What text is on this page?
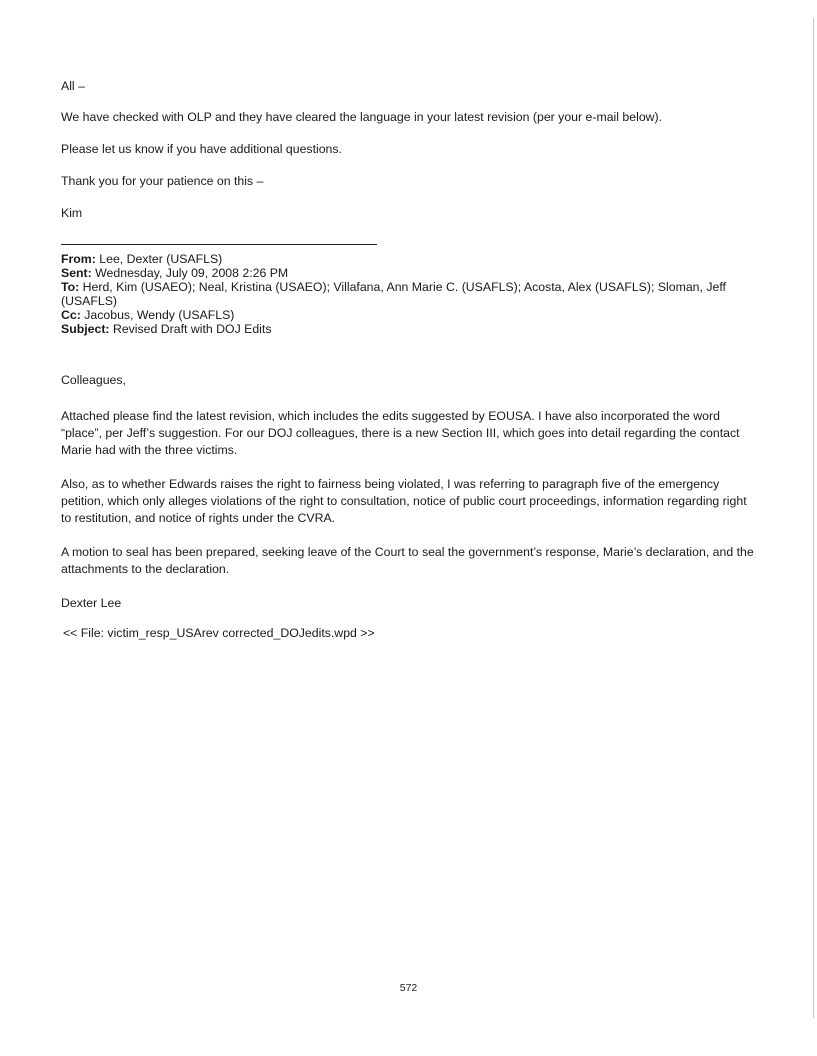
All –

We have checked with OLP and they have cleared the language in your latest revision (per your e-mail below).

Please let us know if you have additional questions.

Thank you for your patience on this –

Kim

From: Lee, Dexter (USAFLS)

Sent: Wednesday, July 09, 2008 2:26 PM

To: Herd, Kim (USAEO); Neal, Kristina (USAEO); Villafana, Ann Marie C. (USAFLS); Acosta, Alex (USAFLS); Sloman, Jeff (USAFLS)

Cc: Jacobus, Wendy (USAFLS)

Subject: Revised Draft with DOJ Edits

Colleagues,

Attached please find the latest revision, which includes the edits suggested by EOUSA. I have also incorporated the word “place”, per Jeff’s suggestion. For our DOJ colleagues, there is a new Section III, which goes into detail regarding the contact Marie had with the three victims.

Also, as to whether Edwards raises the right to fairness being violated, I was referring to paragraph five of the emergency petition, which only alleges violations of the right to consultation, notice of public court proceedings, information regarding right to restitution, and notice of rights under the CVRA.

A motion to seal has been prepared, seeking leave of the Court to seal the government’s response, Marie’s declaration, and the attachments to the declaration.

Dexter Lee

<< File: victim_resp_USArev corrected_DOJedits.wpd >>

572
